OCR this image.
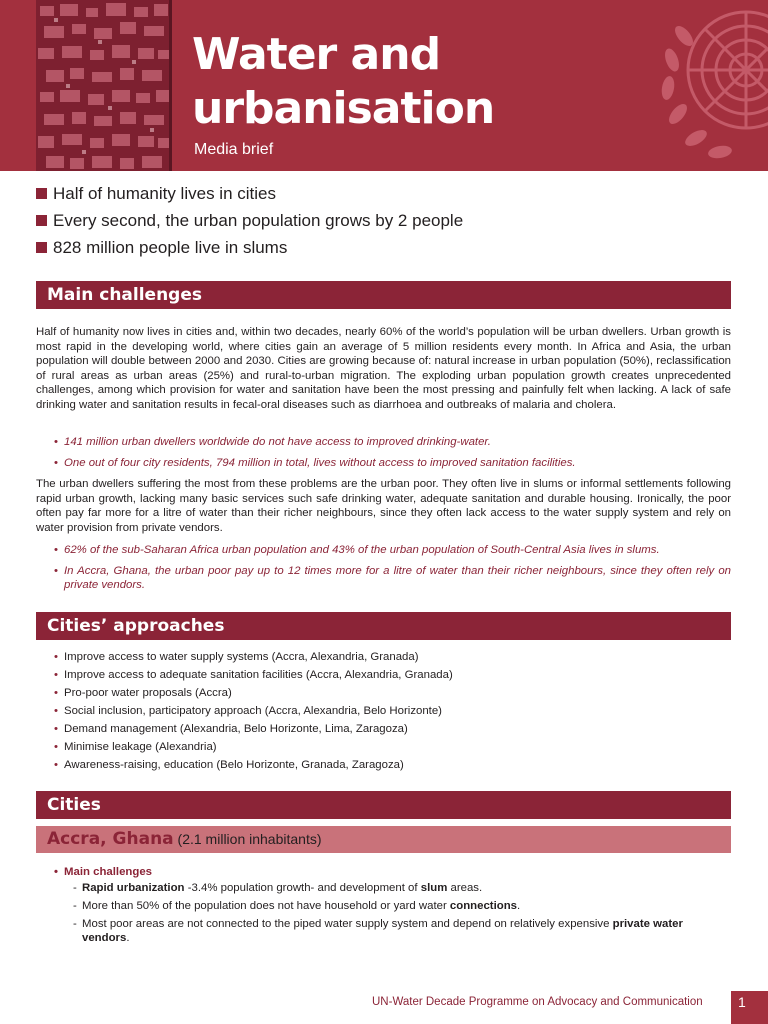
Water and
urbanisation
Media brief
Half of humanity lives in cities
Every second, the urban population grows by 2 people
828 million people live in slums
Main challenges
Half of humanity now lives in cities and, within two decades, nearly 60% of the world’s population will be urban dwellers. Urban growth is most rapid in the developing world, where cities gain an average of 5 million residents every month. In Africa and Asia, the urban population will double between 2000 and 2030. Cities are growing because of: natural increase in urban population (50%), reclassification of rural areas as urban areas (25%) and rural-to-urban migration. The exploding urban population growth creates unprecedented challenges, among which provision for water and sanitation have been the most pressing and painfully felt when lacking. A lack of safe drinking water and sanitation results in fecal-oral diseases such as diarrhoea and outbreaks of malaria and cholera.
• 141 million urban dwellers worldwide do not have access to improved drinking-water.
• One out of four city residents, 794 million in total, lives without access to improved sanitation facilities.
The urban dwellers suffering the most from these problems are the urban poor. They often live in slums or informal settlements following rapid urban growth, lacking many basic services such safe drinking water, adequate sanitation and durable housing. Ironically, the poor often pay far more for a litre of water than their richer neighbours, since they often lack access to the water supply system and rely on water provision from private vendors.
• 62% of the sub-Saharan Africa urban population and 43% of the urban population of South-Central Asia lives in slums.
• In Accra, Ghana, the urban poor pay up to 12 times more for a litre of water than their richer neighbours, since they often rely on private vendors.
Cities’ approaches
• Improve access to water supply systems (Accra, Alexandria, Granada)
• Improve access to adequate sanitation facilities (Accra, Alexandria, Granada)
• Pro-poor water proposals (Accra)
• Social inclusion, participatory approach (Accra, Alexandria, Belo Horizonte)
• Demand management (Alexandria, Belo Horizonte, Lima, Zaragoza)
• Minimise leakage (Alexandria)
• Awareness-raising, education (Belo Horizonte, Granada, Zaragoza)
Cities
Accra, Ghana (2.1 million inhabitants)
• Main challenges
- Rapid urbanization -3.4% population growth- and development of slum areas.
- More than 50% of the population does not have household or yard water connections.
- Most poor areas are not connected to the piped water supply system and depend on relatively expensive private water vendors.
UN-Water Decade Programme on Advocacy and Communication	1
